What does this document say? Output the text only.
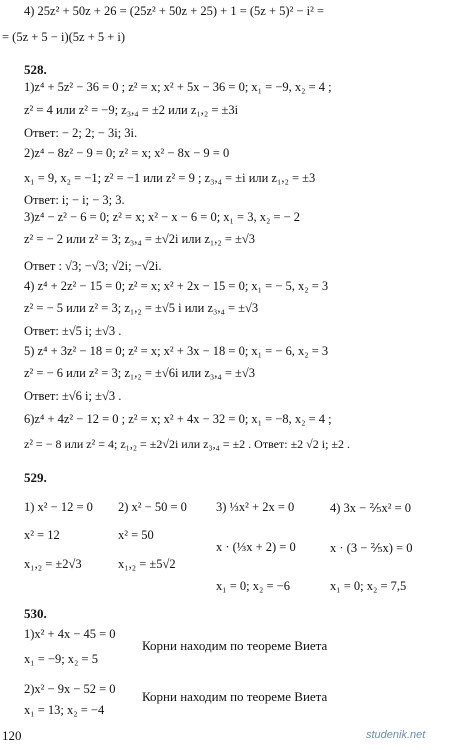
4) 25z² + 50z + 26 = (25z² + 50z + 25) + 1 = (5z + 5)² − i² =
= (5z + 5 − i)(5z + 5 + i)
528.
1)z⁴ + 5z² − 36 = 0 ; z² = x; x² + 5x − 36 = 0; x₁ = −9, x₂ = 4 ;
z² = 4 или z² = −9; z₃,₄ = ±2 или z₁,₂ = ±3i
Ответ: − 2; 2; − 3i; 3i.
2)z⁴ − 8z² − 9 = 0; z² = x; x² − 8x − 9 = 0
x₁ = 9, x₂ = −1; z² = −1 или z² = 9 ; z₃,₄ = ±i или z₁,₂ = ±3
Ответ: i; − i; − 3; 3.
3)z⁴ − z² − 6 = 0; z² = x; x² − x − 6 = 0; x₁ = 3, x₂ = − 2
z² = − 2 или z² = 3; z₃,₄ = ±√2i или z₁,₂ = ±√3
Ответ : √3; −√3; √2i; −√2i.
4) z⁴ + 2z² − 15 = 0; z² = x; x² + 2x − 15 = 0; x₁ = − 5, x₂ = 3
z² = − 5 или z² = 3; z₁,₂ = ±√5 i или z₃,₄ = ±√3
Ответ: ±√5 i; ±√3 .
5) z⁴ + 3z² − 18 = 0; z² = x; x² + 3x − 18 = 0; x₁ = − 6, x₂ = 3
z² = − 6 или z² = 3; z₁,₂ = ±√6i или z₃,₄ = ±√3
Ответ: ±√6 i; ±√3 .
6)z⁴ + 4z² − 12 = 0 ; z² = x; x² + 4x − 32 = 0; x₁ = −8, x₂ = 4 ;
z² = − 8 или z² = 4; z₁,₂ = ±2√2i или z₃,₄ = ±2 . Ответ: ±2 √2 i; ±2 .
529.
1) x² − 12 = 0
x² = 12
x₁,₂ = ±2√3
2) x² − 50 = 0
x² = 50
x₁,₂ = ±5√2
3) ⅓x² + 2x = 0
x · (⅓x + 2) = 0
x₁ = 0; x₂ = −6
4) 3x − ⅖x² = 0
x · (3 − ⅖x) = 0
x₁ = 0; x₂ = 7,5
530.
1)x² + 4x − 45 = 0
Корни находим по теореме Виета
x₁ = −9; x₂ = 5
2)x² − 9x − 52 = 0 Корни находим по теореме Виета
x₁ = 13; x₂ = −4
120	studenik.net
